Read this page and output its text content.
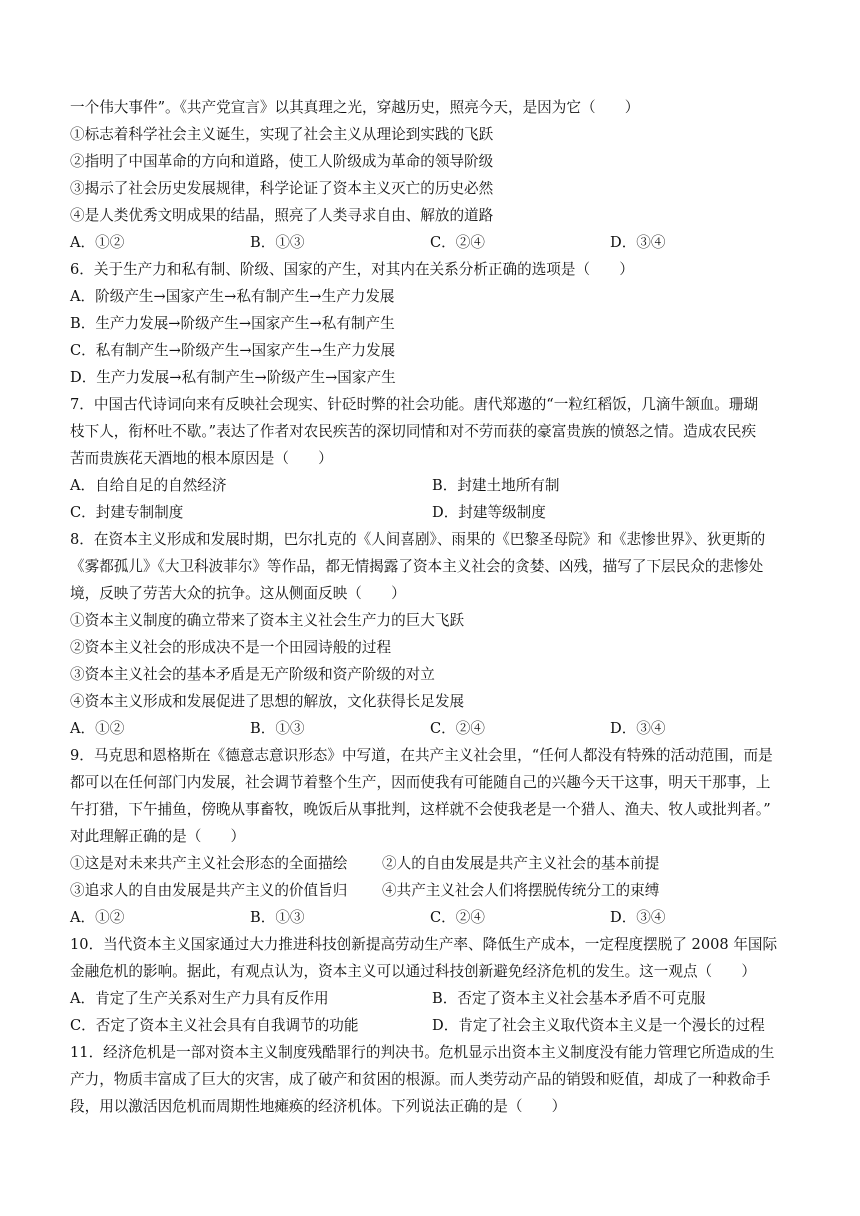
一个伟大事件”。《共产党宣言》以其真理之光，穿越历史，照亮今天，是因为它（　　）
①标志着科学社会主义诞生，实现了社会主义从理论到实践的飞跃
②指明了中国革命的方向和道路，使工人阶级成为革命的领导阶级
③揭示了社会历史发展规律，科学论证了资本主义灭亡的历史必然
④是人类优秀文明成果的结晶，照亮了人类寻求自由、解放的道路
A．①②	B．①③	C．②④	D．③④
6．关于生产力和私有制、阶级、国家的产生，对其内在关系分析正确的选项是（　　）
A．阶级产生→国家产生→私有制产生→生产力发展
B．生产力发展→阶级产生→国家产生→私有制产生
C．私有制产生→阶级产生→国家产生→生产力发展
D．生产力发展→私有制产生→阶级产生→国家产生
7．中国古代诗词向来有反映社会现实、针砭时弊的社会功能。唐代郑遨的“一粒红稻饭，几滴牛颔血。珊瑚
枝下人，衔杯吐不歇。”表达了作者对农民疾苦的深切同情和对不劳而获的豪富贵族的愤怒之情。造成农民疾
苦而贵族花天酒地的根本原因是（　　）
A．自给自足的自然经济	B．封建土地所有制
C．封建专制制度	D．封建等级制度
8．在资本主义形成和发展时期，巴尔扎克的《人间喜剧》、雨果的《巴黎圣母院》和《悲惨世界》、狄更斯的
《雾都孤儿》《大卫科波菲尔》等作品，都无情揭露了资本主义社会的贪婪、凶残，描写了下层民众的悲惨处
境，反映了劳苦大众的抗争。这从侧面反映（　　）
①资本主义制度的确立带来了资本主义社会生产力的巨大飞跃
②资本主义社会的形成决不是一个田园诗般的过程
③资本主义社会的基本矛盾是无产阶级和资产阶级的对立
④资本主义形成和发展促进了思想的解放，文化获得长足发展
A．①②	B．①③	C．②④	D．③④
9．马克思和恩格斯在《德意志意识形态》中写道，在共产主义社会里，“任何人都没有特殊的活动范围，而是
都可以在任何部门内发展，社会调节着整个生产，因而使我有可能随自己的兴趣今天干这事，明天干那事，上
午打猎，下午捕鱼，傍晚从事畜牧，晚饭后从事批判，这样就不会使我老是一个猎人、渔夫、牧人或批判者。”
对此理解正确的是（　　）
①这是对未来共产主义社会形态的全面描绘	②人的自由发展是共产主义社会的基本前提
③追求人的自由发展是共产主义的价值旨归	④共产主义社会人们将摆脱传统分工的束缚
A．①②	B．①③	C．②④	D．③④
10．当代资本主义国家通过大力推进科技创新提高劳动生产率、降低生产成本，一定程度摆脱了 2008 年国际
金融危机的影响。据此，有观点认为，资本主义可以通过科技创新避免经济危机的发生。这一观点（　　）
A．肯定了生产关系对生产力具有反作用	B．否定了资本主义社会基本矛盾不可克服
C．否定了资本主义社会具有自我调节的功能	D．肯定了社会主义取代资本主义是一个漫长的过程
11．经济危机是一部对资本主义制度残酷罪行的判决书。危机显示出资本主义制度没有能力管理它所造成的生
产力，物质丰富成了巨大的灾害，成了破产和贫困的根源。而人类劳动产品的销毁和贬值，却成了一种救命手
段，用以激活因危机而周期性地瘫痪的经济机体。下列说法正确的是（　　）
